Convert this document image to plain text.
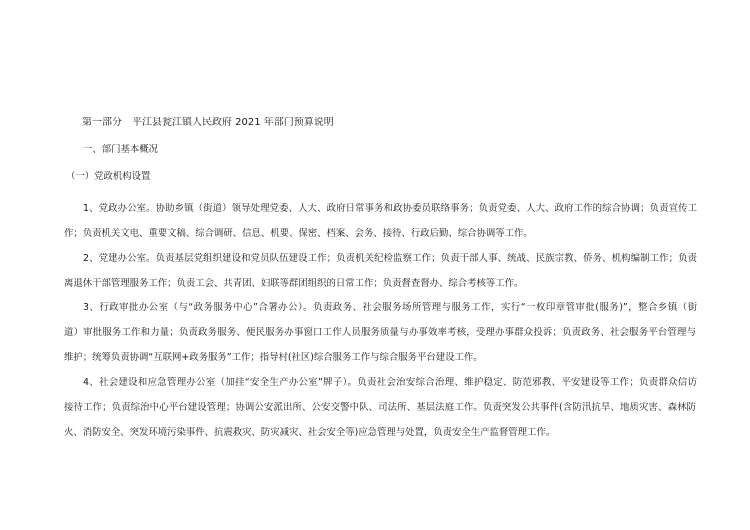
第一部分　平江县瓮江镇人民政府 2021 年部门预算说明
一、部门基本概况
（一）党政机构设置
1、党政办公室。协助乡镇（街道）领导处理党委、人大、政府日常事务和政协委员联络事务；负责党委、人大、政府工作的综合协调；负责宣传工
作；负责机关文电、重要文稿、综合调研、信息、机要、保密、档案、会务、接待、行政后勤、综合协调等工作。
2、党建办公室。负责基层党组织建设和党员队伍建设工作；负责机关纪检监察工作；负责干部人事、统战、民族宗教、侨务、机构编制工作；负责
离退休干部管理服务工作；负责工会、共青团、妇联等群团组织的日常工作；负责督查督办、综合考核等工作。
3、行政审批办公室（与“政务服务中心”合署办公）。负责政务、社会服务场所管理与服务工作，实行“一枚印章管审批(服务)”，整合乡镇（街
道）审批服务工作和力量；负责政务服务、便民服务办事窗口工作人员服务质量与办事效率考核，受理办事群众投诉；负责政务、社会服务平台管理与
维护；统筹负责协调“互联网+政务服务”工作；指导村(社区)综合服务工作与综合服务平台建设工作。
4、社会建设和应急管理办公室（加挂“安全生产办公室”牌子）。负责社会治安综合治理、维护稳定、防范邪教、平安建设等工作；负责群众信访
接待工作；负责综治中心平台建设管理；协调公安派出所、公安交警中队、司法所、基层法庭工作。负责突发公共事件(含防汛抗旱、地质灾害、森林防
火、消防安全、突发环境污染事件、抗震救灾、防灾减灾、社会安全等)应急管理与处置，负责安全生产监督管理工作。
